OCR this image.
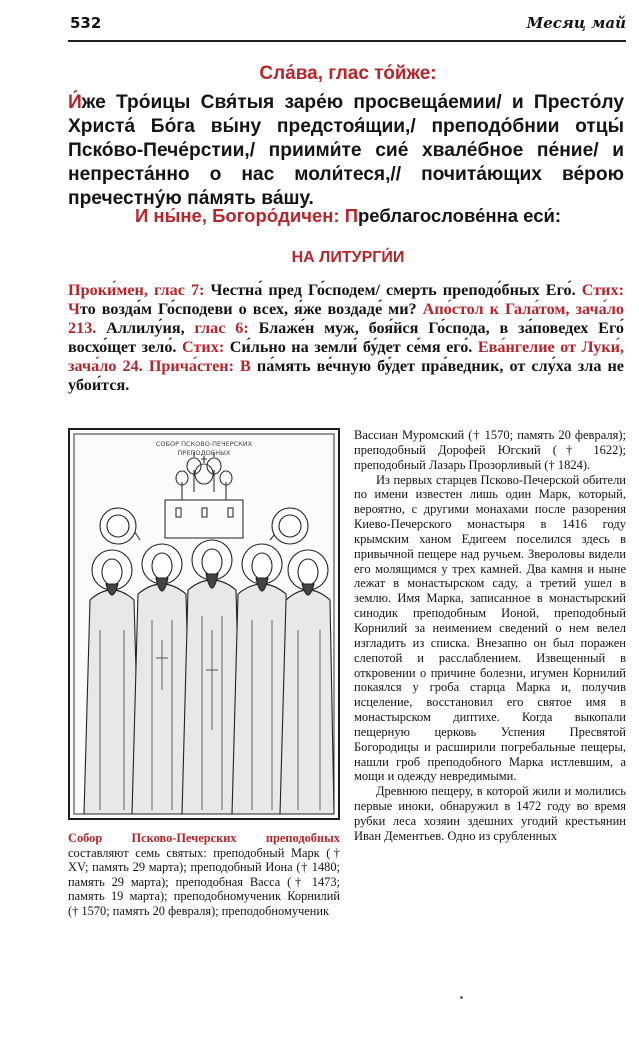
532	Месяц май
Сла́ва, глас то́йже:
И́же Тро́ицы Свя́тыя заре́ю просвеща́емии/ и Престо́лу Христа́ Бо́га вы́ну предстоя́щии,/ преподо́бнии отцы́ Пско́во-Пече́рстии,/ приими́те сие́ хвале́бное пе́ние/ и непреста́нно о нас моли́теся,// почита́ющих ве́рою пречестну́ю па́мять ва́шу.
И ны́не, Богоро́дичен: Преблагослове́нна еси́:
НА ЛИТУРГИ́И
Проки́мен, глас 7: Честна́ пред Го́сподем/ смерть преподо́бных Его́. Стих: Что возда́м Го́сподеви о всех, я́же воздаде́ ми? Апо́стол к Гала́том, зача́ло 213. Аллилу́ия, глас 6: Блаже́н муж, боя́йся Го́спода, в за́поведех Его́ восхо́щет зело́. Стих: Си́льно на земли́ бу́дет се́мя его́. Ева́нгелие от Луки́, зача́ло 24. Прича́стен: В па́мять ве́чную бу́дет пра́ведник, от слу́ха зла не убои́тся.
СОБОР ПСКОВО-ПЕЧЕРСКИХ
ПРЕПОДОБНЫХ
Собор Псково-Печерских преподобных составляют семь святых: преподобный Марк († XV; память 29 марта); преподобный Иона († 1480; память 29 марта); преподобная Васса († 1473; память 19 марта); преподобномученик Корнилий († 1570; память 20 февраля); преподобномученик

Вассиан Муромский († 1570; память 20 февраля); преподобный Дорофей Югский († 1622); преподобный Лазарь Прозорливый († 1824).

Из первых старцев Псково-Печерской обители по имени известен лишь один Марк, который, вероятно, с другими монахами после разорения Киево-Печерского монастыря в 1416 году крымским ханом Едигеем поселился здесь в привычной пещере над ручьем. Звероловы видели его молящимся у трех камней. Два камня и ныне лежат в монастырском саду, а третий ушел в землю. Имя Марка, записанное в монастырский синодик преподобным Ионой, преподобный Корнилий за неимением сведений о нем велел изгладить из списка. Внезапно он был поражен слепотой и расслаблением. Извещенный в откровении о причине болезни, игумен Корнилий покаялся у гроба старца Марка и, получив исцеление, восстановил его святое имя в монастырском диптихе. Когда выкопали пещерную церковь Успения Пресвятой Богородицы и расширили погребальные пещеры, нашли гроб преподобного Марка истлевшим, а мощи и одежду невредимыми.

Древнюю пещеру, в которой жили и молились первые иноки, обнаружил в 1472 году во время рубки леса хозяин здешних угодий крестьянин Иван Дементьев. Одно из срубленных
